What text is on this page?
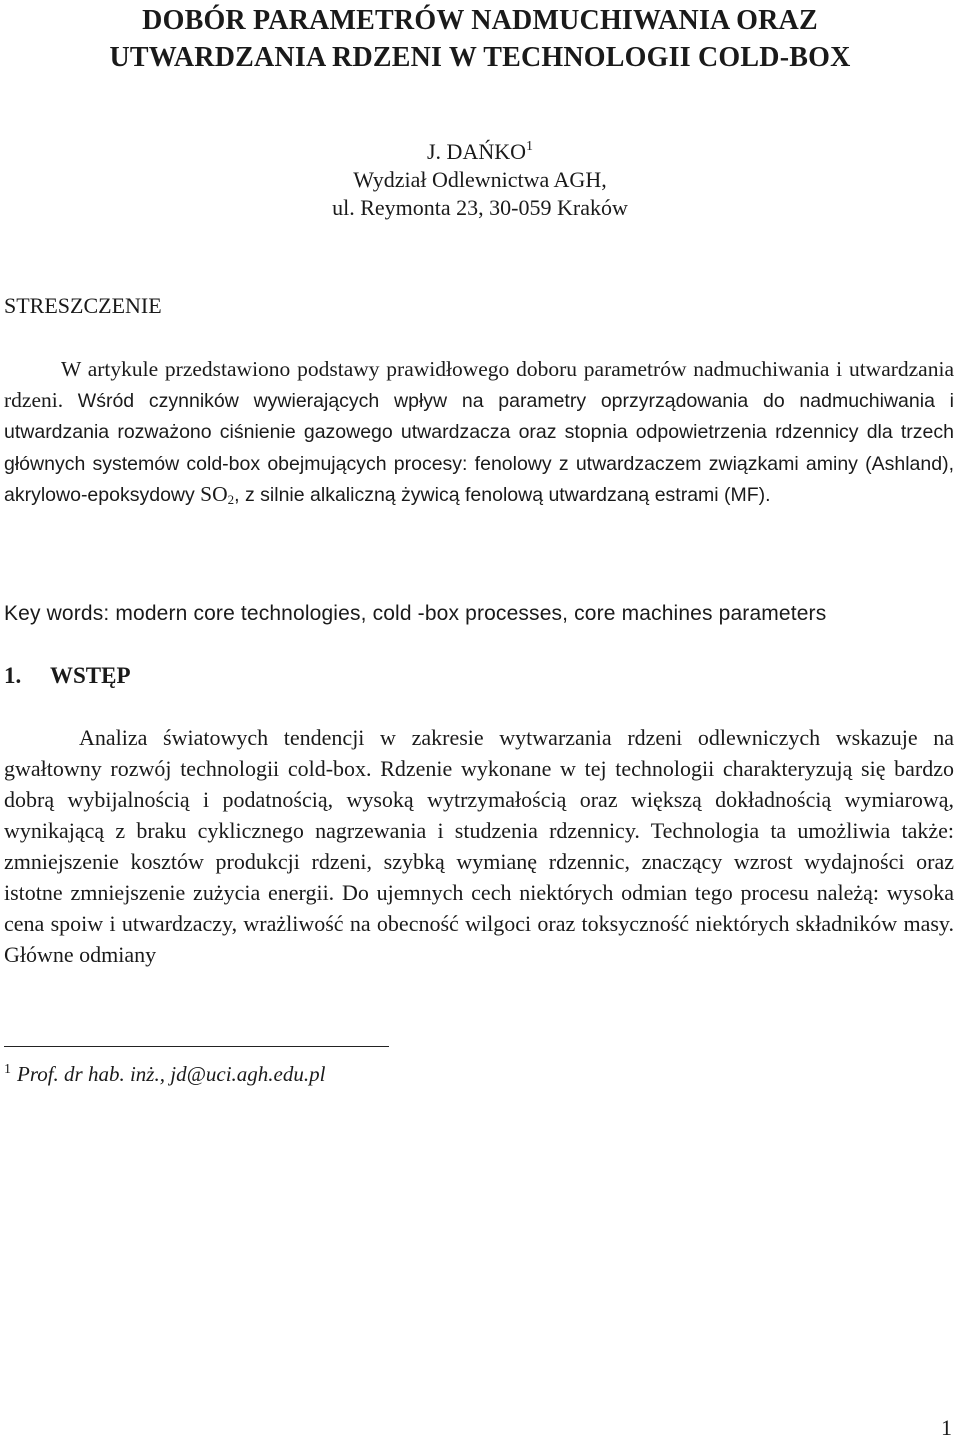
DOBÓR PARAMETRÓW NADMUCHIWANIA ORAZ
UTWARDZANIA RDZENI W TECHNOLOGII COLD-BOX
J. DAŃKO$^1$
Wydział Odlewnictwa AGH,
ul. Reymonta 23, 30-059 Kraków
STRESZCZENIE

W artykule przedstawiono podstawy prawidłowego doboru parametrów nadmuchiwania i utwardzania rdzeni. Wśród czynników wywierających wpływ na parametry oprzyrządowania do nadmuchiwania i utwardzania rozważono ciśnienie gazowego utwardzacza oraz stopnia odpowietrzenia rdzennicy dla trzech głównych systemów cold-box obejmujących procesy: fenolowy z utwardzaczem związkami aminy (Ashland), akrylowo-epoksydowy $SO_2$, z silnie alkaliczną żywicą fenolową utwardzaną estrami (MF).

Key words: modern core technologies, cold -box processes, core machines parameters
1. WSTĘP

Analiza światowych tendencji w zakresie wytwarzania rdzeni odlewniczych wskazuje na gwałtowny rozwój technologii cold-box. Rdzenie wykonane w tej technologii charakteryzują się bardzo dobrą wybijalnością i podatnością, wysoką wytrzymałością oraz większą dokładnością wymiarową, wynikającą z braku cyklicznego nagrzewania i studzenia rdzennicy. Technologia ta umożliwia także: zmniejszenie kosztów produkcji rdzeni, szybką wymianę rdzennic, znaczący wzrost wydajności oraz istotne zmniejszenie zużycia energii. Do ujemnych cech niektórych odmian tego procesu należą: wysoka cena spoiw i utwardzaczy, wrażliwość na obecność wilgoci oraz toksyczność niektórych składników masy. Główne odmiany

$^1$ Prof. dr hab. inż., jd@uci.agh.edu.pl
1
